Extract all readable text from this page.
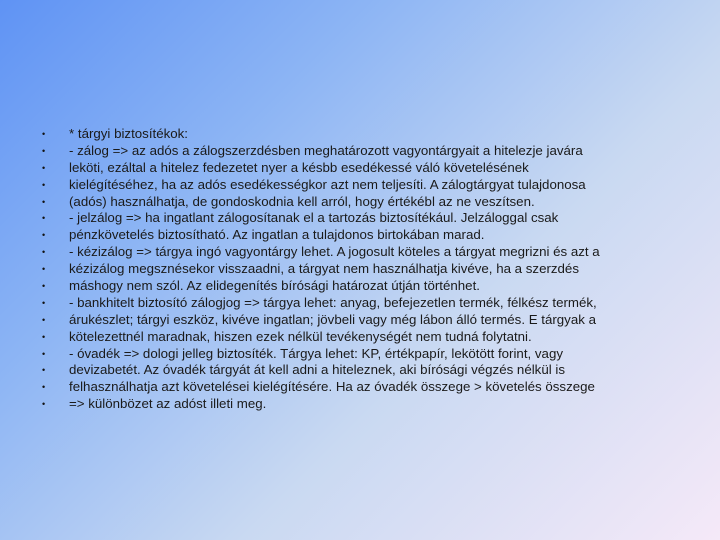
•	* tárgyi biztosítékok:
•	- zálog => az adós a zálogszerzdésben meghatározott vagyontárgyait a hitelezje javára
•	leköti, ezáltal a hitelez fedezetet nyer a késbb esedékessé váló követelésének
•	kielégítéséhez, ha az adós esedékességkor azt nem teljesíti. A zálogtárgyat tulajdonosa
•	(adós) használhatja, de gondoskodnia kell arról, hogy értékébl az ne veszítsen.
•	- jelzálog => ha ingatlant zálogosítanak el a tartozás biztosítékául. Jelzáloggal csak
•	pénzkövetelés biztosítható. Az ingatlan a tulajdonos birtokában marad.
•	- kézizálog => tárgya ingó vagyontárgy lehet. A jogosult köteles a tárgyat megrizni és azt a
•	kézizálog megsznésekor visszaadni, a tárgyat nem használhatja kivéve, ha a szerzdés
•	máshogy nem szól. Az elidegenítés bírósági határozat útján történhet.
•	- bankhitelt biztosító zálogjog => tárgya lehet: anyag, befejezetlen termék, félkész termék,
•	árukészlet; tárgyi eszköz, kivéve ingatlan; jövbeli vagy még lábon álló termés. E tárgyak a
•	kötelezettnél maradnak, hiszen ezek nélkül tevékenységét nem tudná folytatni.
•	- óvadék => dologi jelleg biztosíték. Tárgya lehet: KP, értékpapír, lekötött forint, vagy
•	devizabetét. Az óvadék tárgyát át kell adni a hiteleznek, aki bírósági végzés nélkül is
•	felhasználhatja azt követelései kielégítésére. Ha az óvadék összege > követelés összege
•	=> különbözet az adóst illeti meg.
